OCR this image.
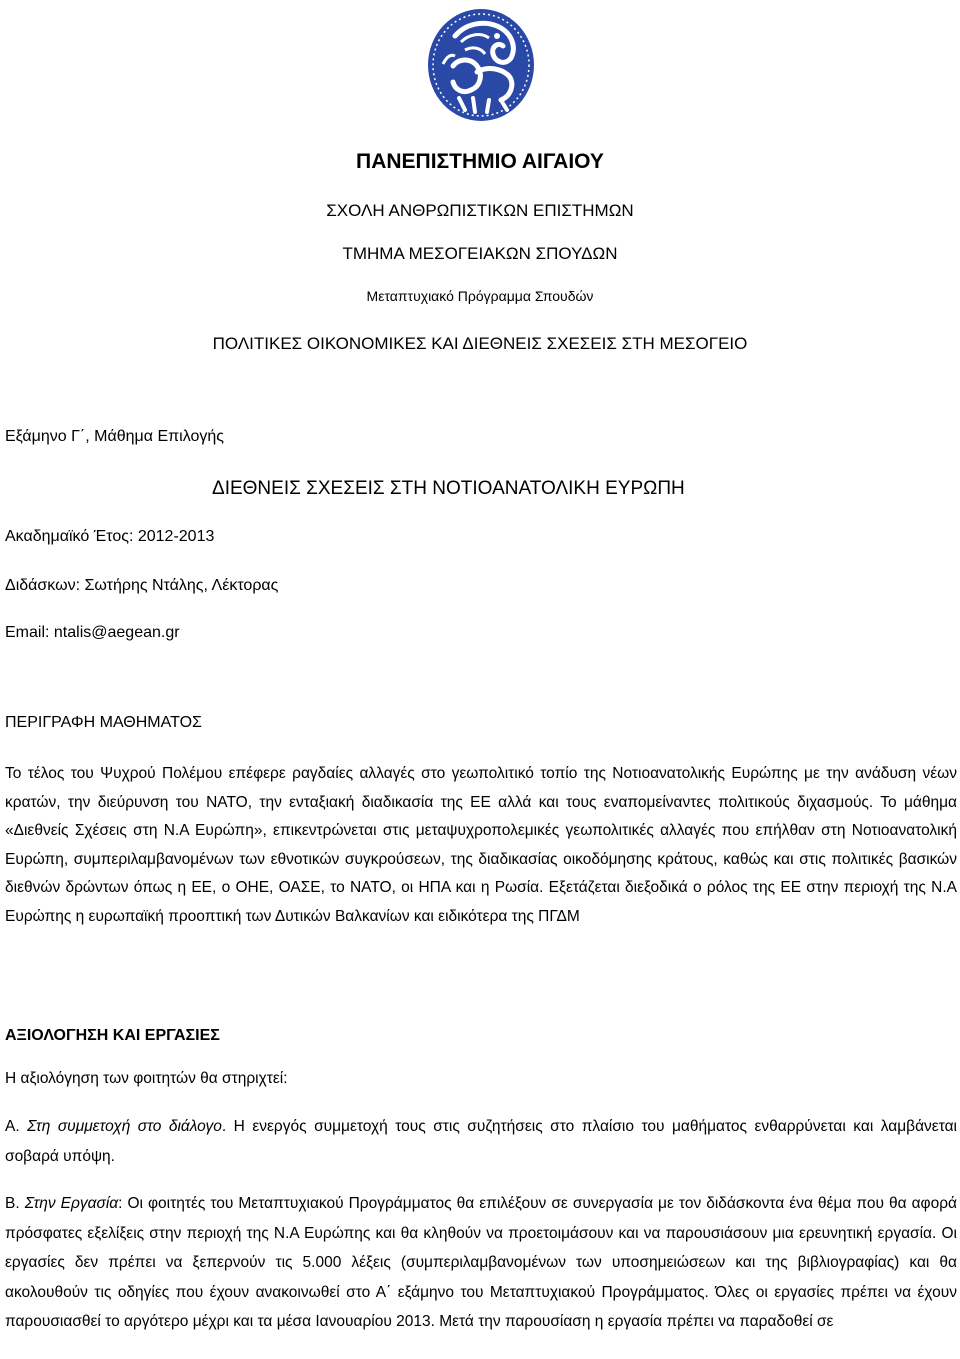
ΠΑΝΕΠΙΣΤΗΜΙΟ ΑΙΓΑΙΟΥ
ΣΧΟΛΗ ΑΝΘΡΩΠΙΣΤΙΚΩΝ ΕΠΙΣΤΗΜΩΝ
ΤΜΗΜΑ ΜΕΣΟΓΕΙΑΚΩΝ ΣΠΟΥΔΩΝ
Μεταπτυχιακό Πρόγραμμα Σπουδών
ΠΟΛΙΤΙΚΕΣ ΟΙΚΟΝΟΜΙΚΕΣ ΚΑΙ ΔΙΕΘΝΕΙΣ ΣΧΕΣΕΙΣ ΣΤΗ ΜΕΣΟΓΕΙΟ
Εξάμηνο Γ΄, Μάθημα Επιλογής
ΔΙΕΘΝΕΙΣ ΣΧΕΣΕΙΣ ΣΤΗ ΝΟΤΙΟΑΝΑΤΟΛΙΚΗ ΕΥΡΩΠΗ
Ακαδημαϊκό Έτος: 2012-2013
Διδάσκων: Σωτήρης Ντάλης, Λέκτορας
Email: ntalis@aegean.gr
ΠΕΡΙΓΡΑΦΗ ΜΑΘΗΜΑΤΟΣ
Το τέλος του Ψυχρού Πολέμου επέφερε ραγδαίες αλλαγές στο γεωπολιτικό τοπίο της Νοτιοανατολικής Ευρώπης με την ανάδυση νέων κρατών, την διεύρυνση του ΝΑΤΟ, την ενταξιακή διαδικασία της ΕΕ αλλά και τους εναπομείναντες πολιτικούς διχασμούς. Το μάθημα «Διεθνείς Σχέσεις στη Ν.Α Ευρώπη», επικεντρώνεται στις μεταψυχροπολεμικές γεωπολιτικές αλλαγές που επήλθαν στη Νοτιοανατολική Ευρώπη, συμπεριλαμβανομένων των εθνοτικών συγκρούσεων, της διαδικασίας οικοδόμησης κράτους, καθώς και στις πολιτικές βασικών διεθνών δρώντων όπως η ΕΕ, ο ΟΗΕ, ΟΑΣΕ, το ΝΑΤΟ, οι ΗΠΑ και η Ρωσία. Εξετάζεται διεξοδικά ο ρόλος της ΕΕ στην περιοχή της Ν.Α Ευρώπης η ευρωπαϊκή προοπτική των Δυτικών Βαλκανίων και ειδικότερα της ΠΓΔΜ
ΑΞΙΟΛΟΓΗΣΗ ΚΑΙ ΕΡΓΑΣΙΕΣ
Η αξιολόγηση των φοιτητών θα στηριχτεί:
Α. Στη συμμετοχή στο διάλογο. Η ενεργός συμμετοχή τους στις συζητήσεις στο πλαίσιο του μαθήματος ενθαρρύνεται και λαμβάνεται σοβαρά υπόψη.
Β. Στην Εργασία: Οι φοιτητές του Μεταπτυχιακού Προγράμματος θα επιλέξουν σε συνεργασία με τον διδάσκοντα ένα θέμα που θα αφορά πρόσφατες εξελίξεις στην περιοχή της Ν.Α Ευρώπης και θα κληθούν να προετοιμάσουν και να παρουσιάσουν μια ερευνητική εργασία. Οι εργασίες δεν πρέπει να ξεπερνούν τις 5.000 λέξεις (συμπεριλαμβανομένων των υποσημειώσεων και της βιβλιογραφίας) και θα ακολουθούν τις οδηγίες που έχουν ανακοινωθεί στο Α΄ εξάμηνο του Μεταπτυχιακού Προγράμματος. Όλες οι εργασίες πρέπει να έχουν παρουσιασθεί το αργότερο μέχρι και τα μέσα Ιανουαρίου 2013. Μετά την παρουσίαση η εργασία πρέπει να παραδοθεί σε
